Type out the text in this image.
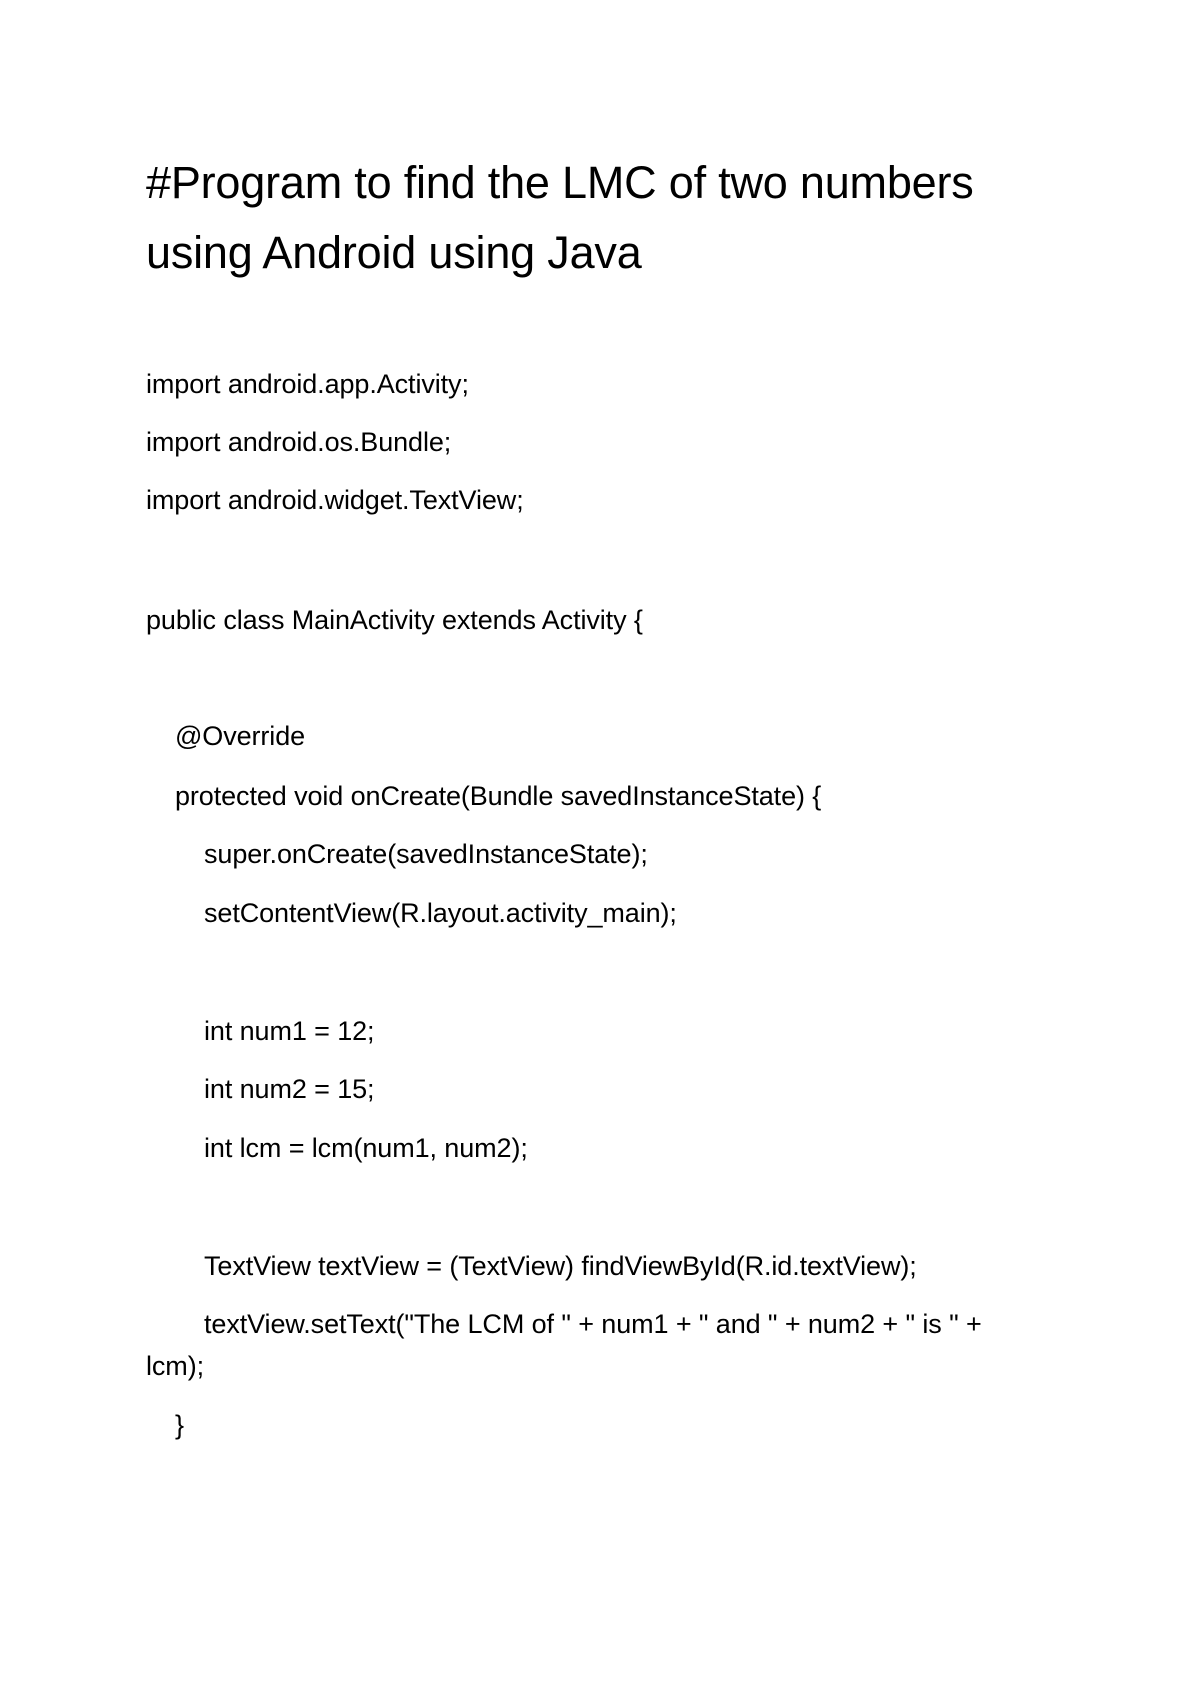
#Program to find the LMC of two numbers using Android using Java

import android.app.Activity;

import android.os.Bundle;

import android.widget.TextView;

public class MainActivity extends Activity {

@Override

protected void onCreate(Bundle savedInstanceState) {

super.onCreate(savedInstanceState);

setContentView(R.layout.activity_main);

int num1 = 12;

int num2 = 15;

int lcm = lcm(num1, num2);

TextView textView = (TextView) findViewById(R.id.textView);

textView.setText("The LCM of " + num1 + " and " + num2 + " is " + lcm);

}
